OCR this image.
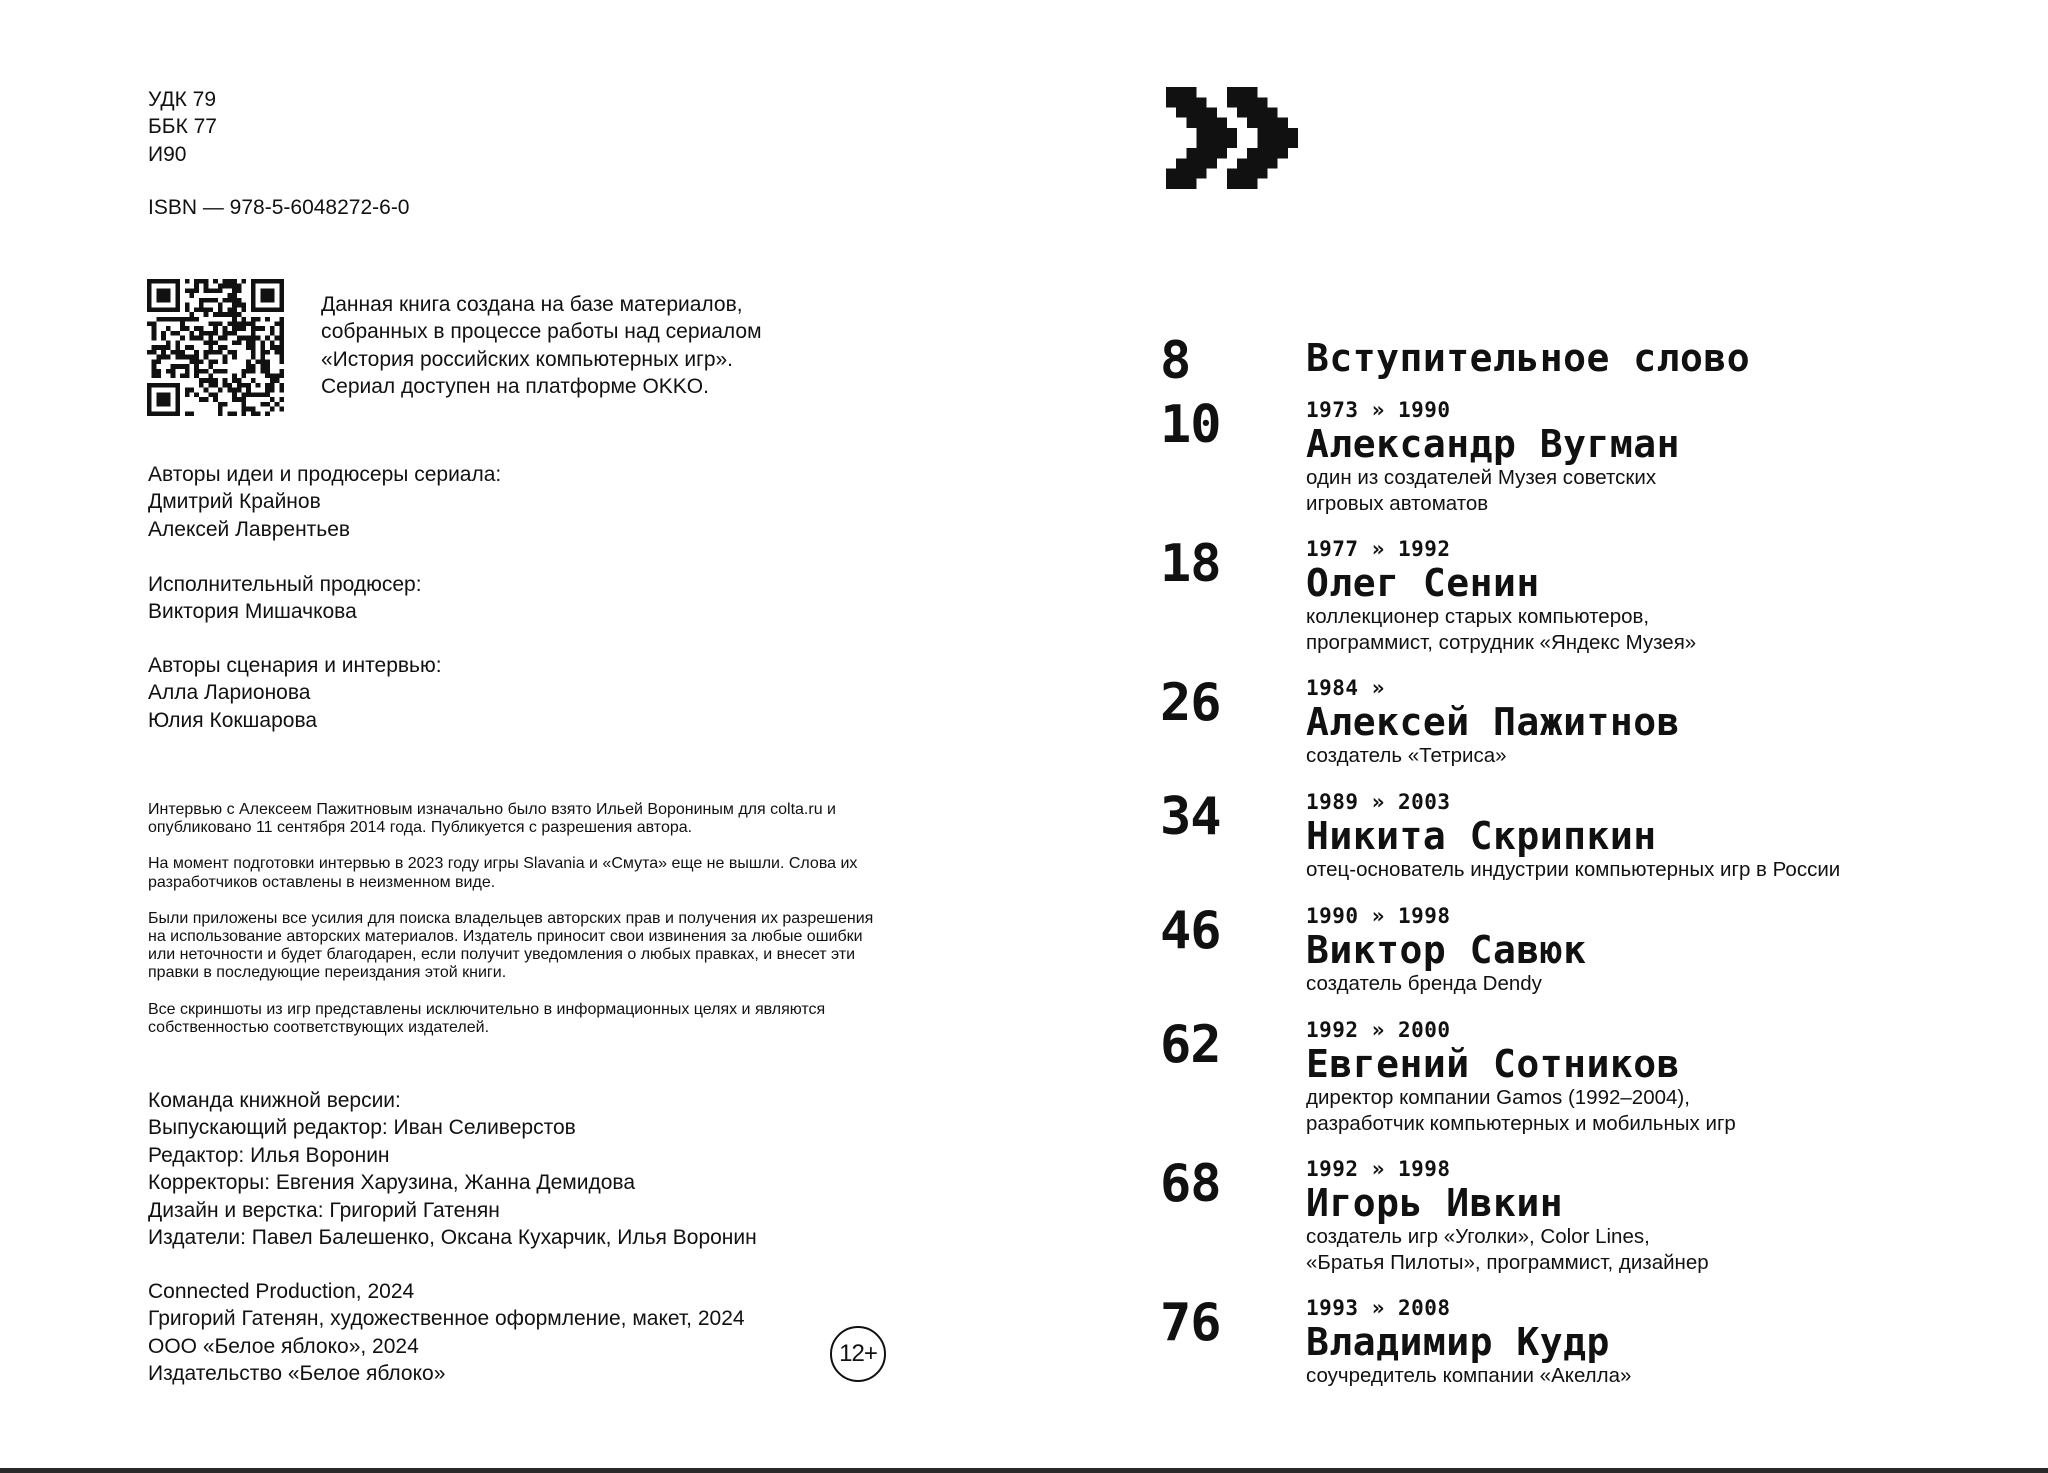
УДК 79
ББК 77
И90
ISBN — 978-5-6048272-6-0
Данная книга создана на базе материалов,
собранных в процессе работы над сериалом
«История российских компьютерных игр».
Сериал доступен на платформе OKKO.
Авторы идеи и продюсеры сериала:
Дмитрий Крайнов
Алексей Лаврентьев
Исполнительный продюсер:
Виктория Мишачкова
Авторы сценария и интервью:
Алла Ларионова
Юлия Кокшарова

Интервью с Алексеем Пажитновым изначально было взято Ильей Ворониным для colta.ru и опубликовано 11 сентября 2014 года. Публикуется с разрешения автора.

На момент подготовки интервью в 2023 году игры Slavania и «Смута» еще не вышли. Слова их разработчиков оставлены в неизменном виде.

Были приложены все усилия для поиска владельцев авторских прав и получения их разрешения на использование авторских материалов. Издатель приносит свои извинения за любые ошибки или неточности и будет благодарен, если получит уведомления о любых правках, и внесет эти правки в последующие переиздания этой книги.

Все скриншоты из игр представлены исключительно в информационных целях и являются собственностью соответствующих издателей.

Команда книжной версии:
Выпускающий редактор: Иван Селиверстов
Редактор: Илья Воронин
Корректоры: Евгения Харузина, Жанна Демидова
Дизайн и верстка: Григорий Гатенян
Издатели: Павел Балешенко, Оксана Кухарчик, Илья Воронин
Connected Production, 2024
Григорий Гатенян, художественное оформление, макет, 2024
ООО «Белое яблоко», 2024
Издательство «Белое яблоко»
12+
8	Вступительное слово
10	1973 » 1990
Александр Вугман
один из создателей Музея советских
игровых автоматов
18	1977 » 1992
Олег Сенин
коллекционер старых компьютеров,
программист, сотрудник «Яндекс Музея»
26	1984 »
Алексей Пажитнов
создатель «Тетриса»
34	1989 » 2003
Никита Скрипкин
отец-основатель индустрии компьютерных игр в России
46	1990 » 1998
Виктор Савюк
создатель бренда Dendy
62	1992 » 2000
Евгений Сотников
директор компании Gamos (1992–2004),
разработчик компьютерных и мобильных игр
68	1992 » 1998
Игорь Ивкин
создатель игр «Уголки», Color Lines,
«Братья Пилоты», программист, дизайнер
76	1993 » 2008
Владимир Кудр
соучредитель компании «Акелла»
